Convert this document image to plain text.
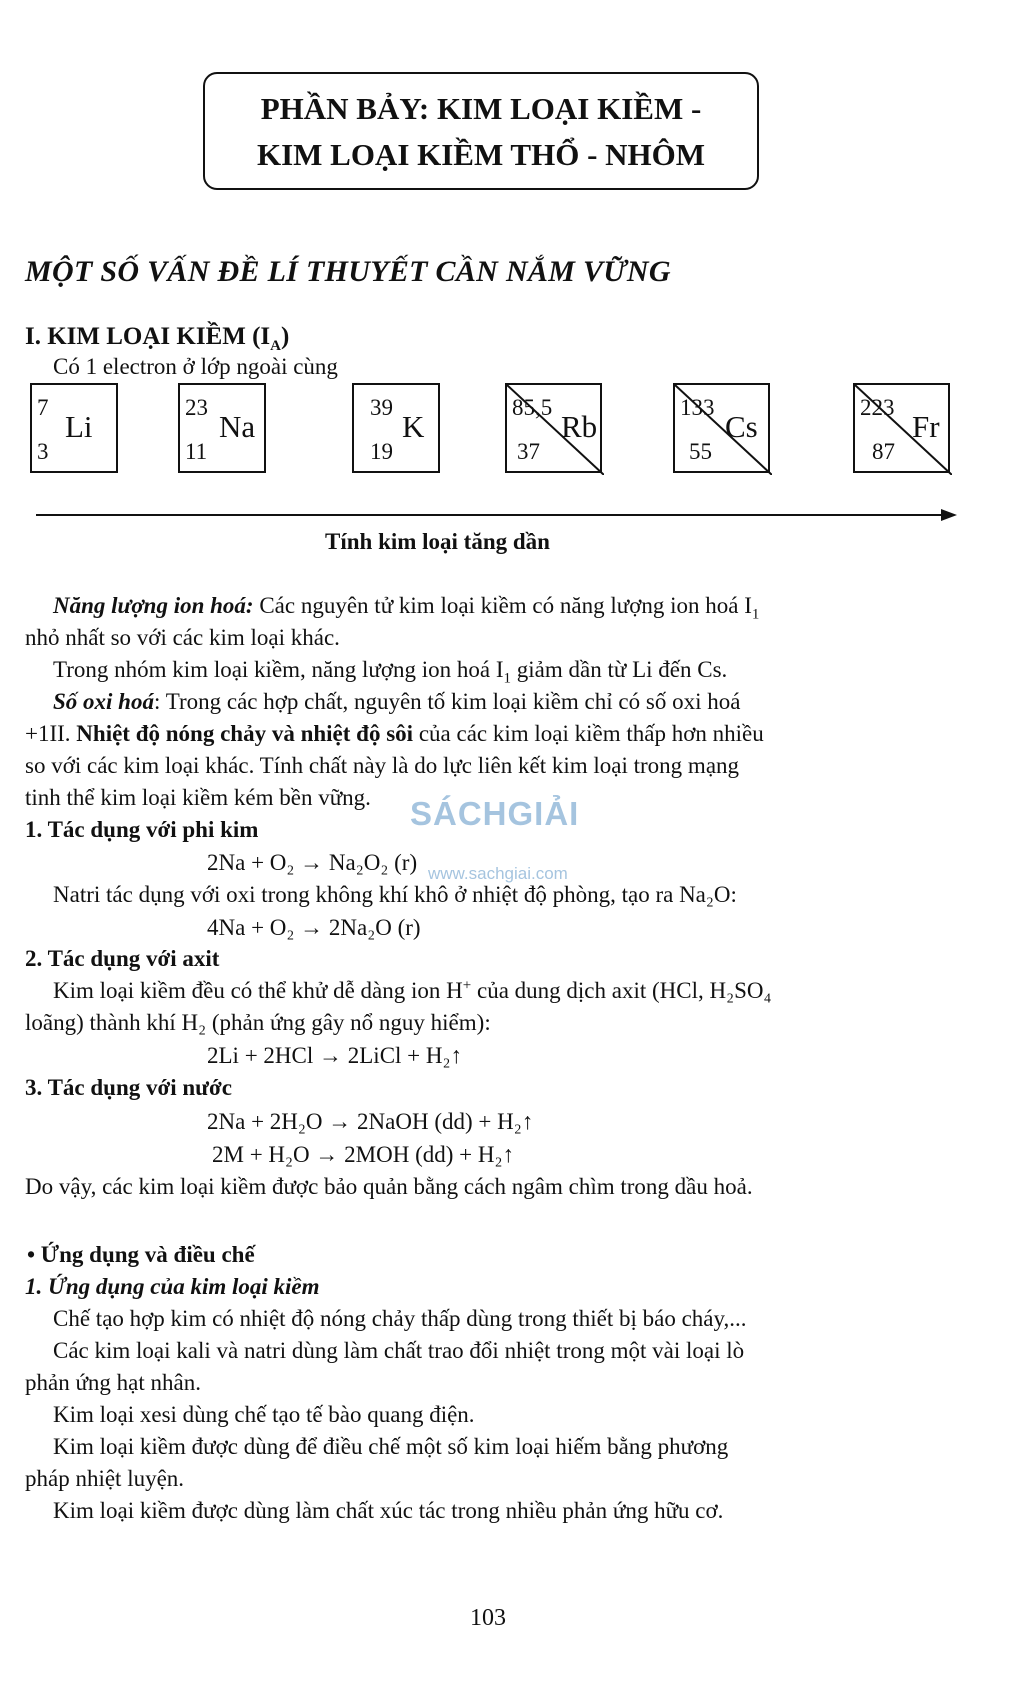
PHẦN BẢY: KIM LOẠI KIỀM -
KIM LOẠI KIỀM THỔ - NHÔM
MỘT SỐ VẤN ĐỀ LÍ THUYẾT CẦN NẮM VỮNG
I. KIM LOẠI KIỀM $(I_A)$
Có 1 electron ở lớp ngoài cùng
7
3
Li
23
11
Na
39
19
K
85,5
37
Rb
133
55
Cs
223
87
Fr
Tính kim loại tăng dần
Năng lượng ion hoá: Các nguyên tử kim loại kiềm có năng lượng ion hoá $I_1$
nhỏ nhất so với các kim loại khác.
Trong nhóm kim loại kiềm, năng lượng ion hoá $I_1$ giảm dần từ Li đến Cs.
Số oxi hoá: Trong các hợp chất, nguyên tố kim loại kiềm chỉ có số oxi hoá
+1II. Nhiệt độ nóng chảy và nhiệt độ sôi của các kim loại kiềm thấp hơn nhiều
so với các kim loại khác. Tính chất này là do lực liên kết kim loại trong mạng
tinh thể kim loại kiềm kém bền vững. SÁCHGIẢI
www.sachgiai.com
1. Tác dụng với phi kim
2Na + O₂ → Na₂O₂ (r)
Natri tác dụng với oxi trong không khí khô ở nhiệt độ phòng, tạo ra Na₂O:
4Na + O₂ → 2Na₂O (r)
2. Tác dụng với axit
Kim loại kiềm đều có thể khử dễ dàng ion H+ của dung dịch axit (HCl, H₂SO₄
loãng) thành khí H₂ (phản ứng gây nổ nguy hiểm):
2Li + 2HCl → 2LiCl + H₂↑
3. Tác dụng với nước
2Na + 2H₂O → 2NaOH (dd) + H₂↑
2M + H₂O → 2MOH (dd) + H₂↑
Do vậy, các kim loại kiềm được bảo quản bằng cách ngâm chìm trong dầu hoả.
• Ứng dụng và điều chế
1. Ứng dụng của kim loại kiềm
Chế tạo hợp kim có nhiệt độ nóng chảy thấp dùng trong thiết bị báo cháy,...
Các kim loại kali và natri dùng làm chất trao đổi nhiệt trong một vài loại lò
phản ứng hạt nhân.
Kim loại xesi dùng chế tạo tế bào quang điện.
Kim loại kiềm được dùng để điều chế một số kim loại hiếm bằng phương
pháp nhiệt luyện.
Kim loại kiềm được dùng làm chất xúc tác trong nhiều phản ứng hữu cơ.
103
